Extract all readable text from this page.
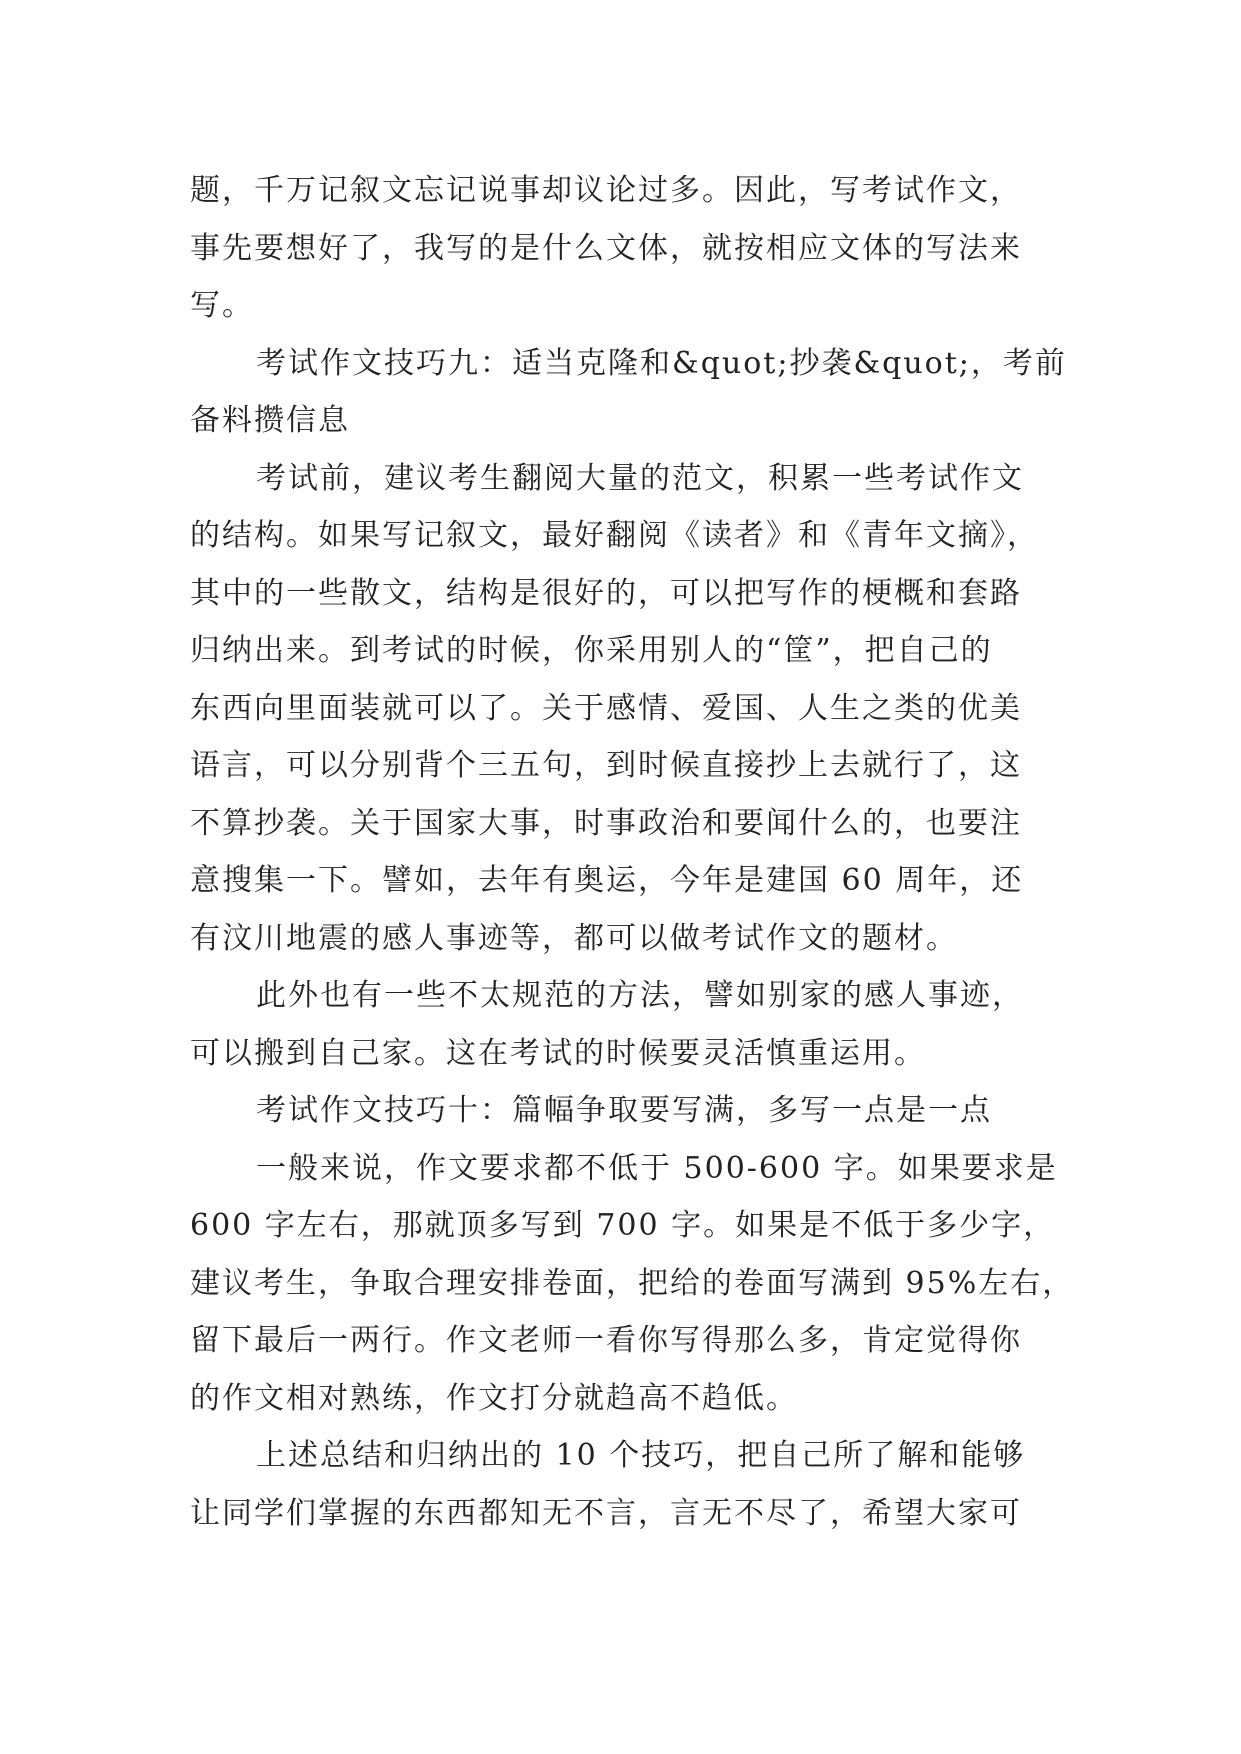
题，千万记叙文忘记说事却议论过多。因此，写考试作文，
事先要想好了，我写的是什么文体，就按相应文体的写法来
写。
考试作文技巧九：适当克隆和&quot;抄袭&quot;，考前
备料攒信息
考试前，建议考生翻阅大量的范文，积累一些考试作文
的结构。如果写记叙文，最好翻阅《读者》和《青年文摘》，
其中的一些散文，结构是很好的，可以把写作的梗概和套路
归纳出来。到考试的时候，你采用别人的“筐”，把自己的
东西向里面装就可以了。关于感情、爱国、人生之类的优美
语言，可以分别背个三五句，到时候直接抄上去就行了，这
不算抄袭。关于国家大事，时事政治和要闻什么的，也要注
意搜集一下。譬如，去年有奥运，今年是建国 60 周年，还
有汶川地震的感人事迹等，都可以做考试作文的题材。
此外也有一些不太规范的方法，譬如别家的感人事迹，
可以搬到自己家。这在考试的时候要灵活慎重运用。
考试作文技巧十：篇幅争取要写满，多写一点是一点
一般来说，作文要求都不低于 500-600 字。如果要求是
600 字左右，那就顶多写到 700 字。如果是不低于多少字，
建议考生，争取合理安排卷面，把给的卷面写满到 95%左右，
留下最后一两行。作文老师一看你写得那么多，肯定觉得你
的作文相对熟练，作文打分就趋高不趋低。
上述总结和归纳出的 10 个技巧，把自己所了解和能够
让同学们掌握的东西都知无不言，言无不尽了，希望大家可
